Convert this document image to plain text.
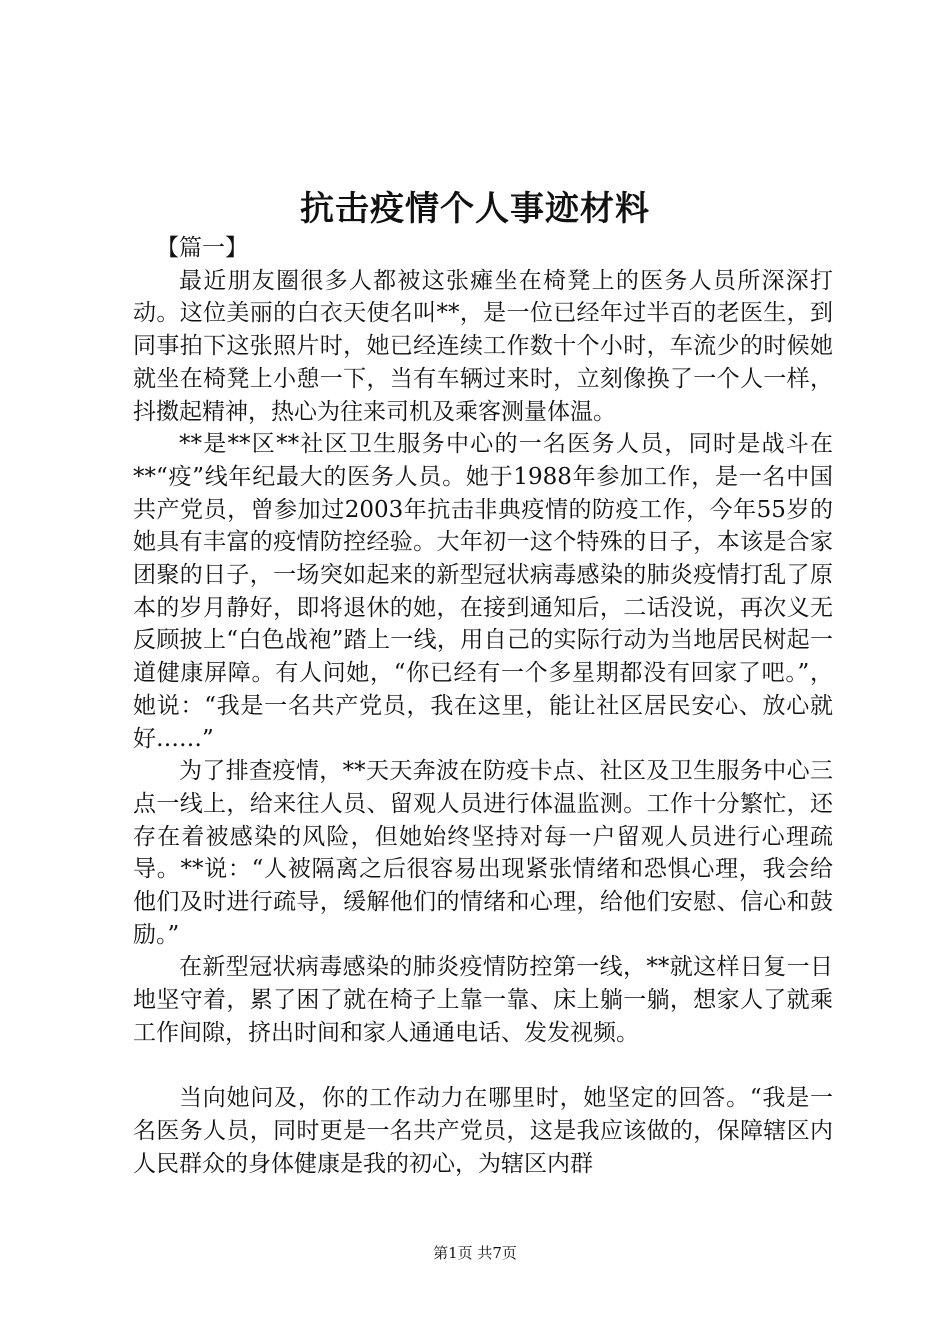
抗击疫情个人事迹材料

【篇一】

最近朋友圈很多人都被这张瘫坐在椅凳上的医务人员所深深打动。这位美丽的白衣天使名叫**，是一位已经年过半百的老医生，到同事拍下这张照片时，她已经连续工作数十个小时，车流少的时候她就坐在椅凳上小憩一下，当有车辆过来时，立刻像换了一个人一样，抖擞起精神，热心为往来司机及乘客测量体温。

**是**区**社区卫生服务中心的一名医务人员，同时是战斗在**“疫”线年纪最大的医务人员。她于1988年参加工作，是一名中国共产党员，曾参加过2003年抗击非典疫情的防疫工作，今年55岁的她具有丰富的疫情防控经验。大年初一这个特殊的日子，本该是合家团聚的日子，一场突如起来的新型冠状病毒感染的肺炎疫情打乱了原本的岁月静好，即将退休的她，在接到通知后，二话没说，再次义无反顾披上“白色战袍”踏上一线，用自己的实际行动为当地居民树起一道健康屏障。有人问她，“你已经有一个多星期都没有回家了吧。”，她说：“我是一名共产党员，我在这里，能让社区居民安心、放心就好……”

为了排查疫情，**天天奔波在防疫卡点、社区及卫生服务中心三点一线上，给来往人员、留观人员进行体温监测。工作十分繁忙，还存在着被感染的风险，但她始终坚持对每一户留观人员进行心理疏导。**说：“人被隔离之后很容易出现紧张情绪和恐惧心理，我会给他们及时进行疏导，缓解他们的情绪和心理，给他们安慰、信心和鼓励。”

在新型冠状病毒感染的肺炎疫情防控第一线，**就这样日复一日地坚守着，累了困了就在椅子上靠一靠、床上躺一躺，想家人了就乘工作间隙，挤出时间和家人通通电话、发发视频。

当向她问及，你的工作动力在哪里时，她坚定的回答。“我是一名医务人员，同时更是一名共产党员，这是我应该做的，保障辖区内人民群众的身体健康是我的初心，为辖区内群

第1页 共7页
